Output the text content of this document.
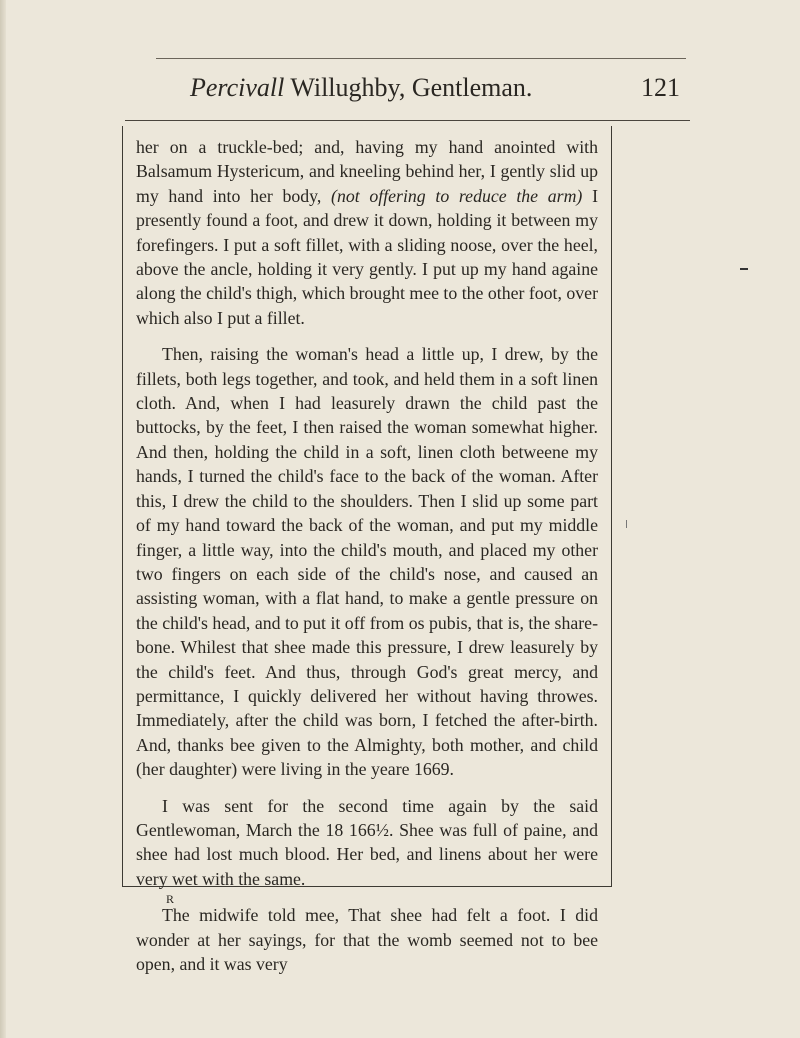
Percivall Willughby, Gentleman.	121

her on a truckle-bed; and, having my hand anointed with Balsamum Hystericum, and kneeling behind her, I gently slid up my hand into her body, (not offering to reduce the arm) I presently found a foot, and drew it down, holding it between my forefingers. I put a soft fillet, with a sliding noose, over the heel, above the ancle, holding it very gently. I put up my hand againe along the child's thigh, which brought mee to the other foot, over which also I put a fillet.

Then, raising the woman's head a little up, I drew, by the fillets, both legs together, and took, and held them in a soft linen cloth. And, when I had leasurely drawn the child past the buttocks, by the feet, I then raised the woman somewhat higher. And then, holding the child in a soft, linen cloth betweene my hands, I turned the child's face to the back of the woman. After this, I drew the child to the shoulders. Then I slid up some part of my hand toward the back of the woman, and put my middle finger, a little way, into the child's mouth, and placed my other two fingers on each side of the child's nose, and caused an assisting woman, with a flat hand, to make a gentle pressure on the child's head, and to put it off from os pubis, that is, the share-bone. Whilest that shee made this pressure, I drew leasurely by the child's feet. And thus, through God's great mercy, and permittance, I quickly delivered her without having throwes. Immediately, after the child was born, I fetched the after-birth. And, thanks bee given to the Almighty, both mother, and child (her daughter) were living in the yeare 1669.

I was sent for the second time again by the said Gentlewoman, March the 18 166½. Shee was full of paine, and shee had lost much blood. Her bed, and linens about her were very wet with the same.

The midwife told mee, That shee had felt a foot. I did wonder at her sayings, for that the womb seemed not to bee open, and it was very

R
